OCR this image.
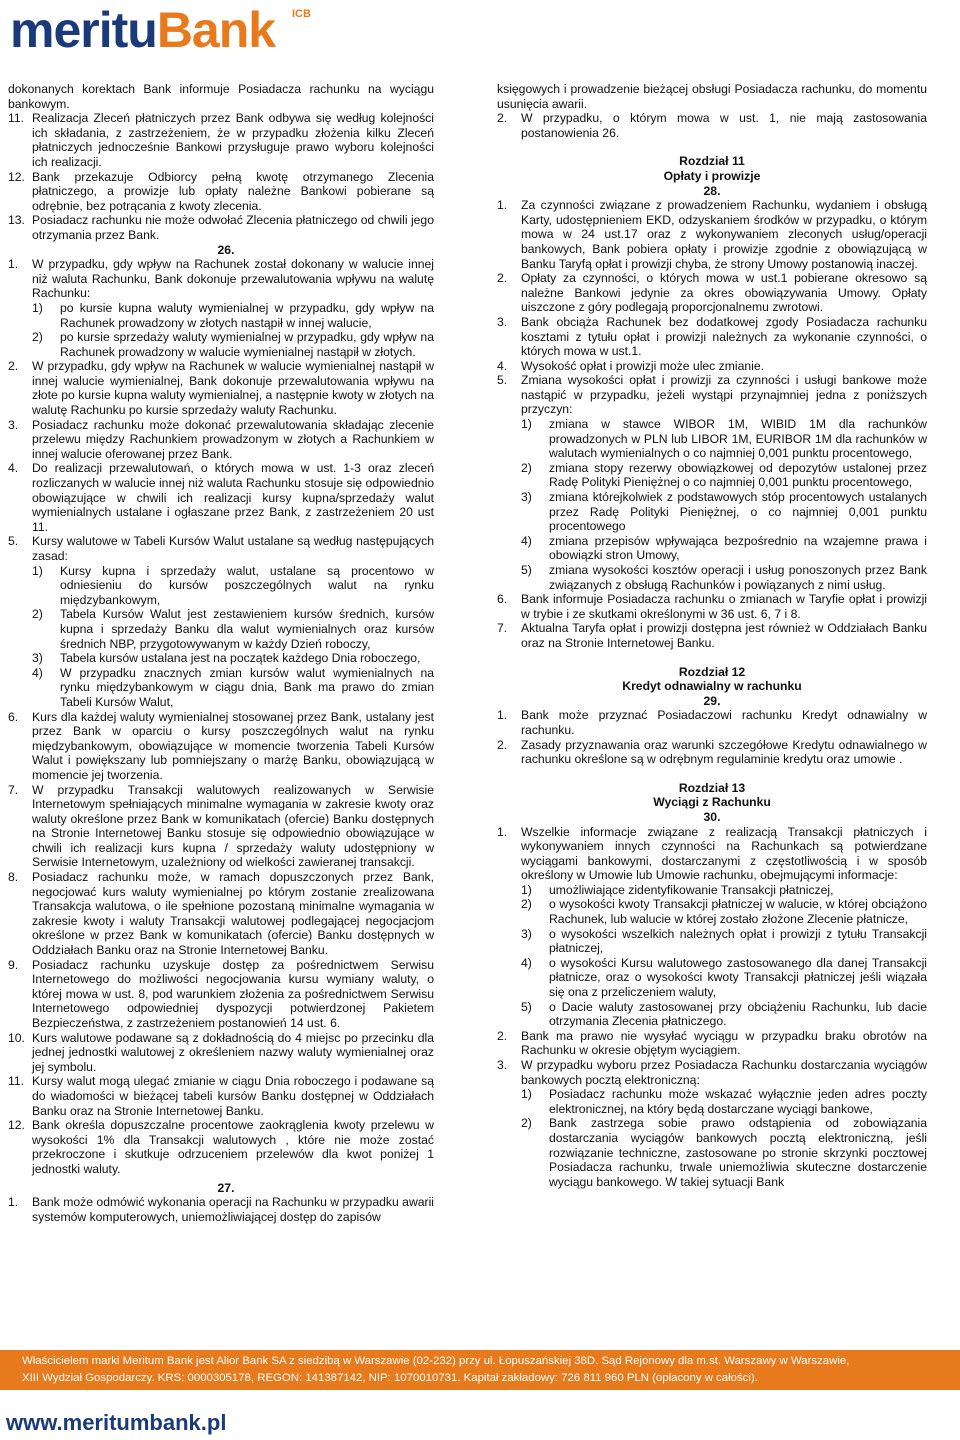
merituBank ICB
dokonanych korektach Bank informuje Posiadacza rachunku na wyciągu bankowym.
11. Realizacja Zleceń płatniczych przez Bank odbywa się według kolejności ich składania, z zastrzeżeniem, że w przypadku złożenia kilku Zleceń płatniczych jednocześnie Bankowi przysługuje prawo wyboru kolejności ich realizacji.
12. Bank przekazuje Odbiorcy pełną kwotę otrzymanego Zlecenia płatniczego, a prowizje lub opłaty należne Bankowi pobierane są odrębnie, bez potrącania z kwoty zlecenia.
13. Posiadacz rachunku nie może odwołać Zlecenia płatniczego od chwili jego otrzymania przez Bank.
26.
1. W przypadku, gdy wpływ na Rachunek został dokonany w walucie innej niż waluta Rachunku, Bank dokonuje przewalutowania wpływu na walutę Rachunku:
1) po kursie kupna waluty wymienialnej w przypadku, gdy wpływ na Rachunek prowadzony w złotych nastąpił w innej walucie,
2) po kursie sprzedaży waluty wymienialnej w przypadku, gdy wpływ na Rachunek prowadzony w walucie wymienialnej nastąpił w złotych.
2. W przypadku, gdy wpływ na Rachunek w walucie wymienialnej nastąpił w innej walucie wymienialnej, Bank dokonuje przewalutowania wpływu na złote po kursie kupna waluty wymienialnej, a następnie kwoty w złotych na walutę Rachunku po kursie sprzedaży waluty Rachunku.
3. Posiadacz rachunku może dokonać przewalutowania składając zlecenie przelewu między Rachunkiem prowadzonym w złotych a Rachunkiem w innej walucie oferowanej przez Bank.
4. Do realizacji przewalutowań, o których mowa w ust. 1-3 oraz zleceń rozliczanych w walucie innej niż waluta Rachunku stosuje się odpowiednio obowiązujące w chwili ich realizacji kursy kupna/sprzedaży walut wymienialnych ustalane i ogłaszane przez Bank, z zastrzeżeniem 20 ust 11.
5. Kursy walutowe w Tabeli Kursów Walut ustalane są według następujących zasad:
1) Kursy kupna i sprzedaży walut, ustalane są procentowo w odniesieniu do kursów poszczególnych walut na rynku międzybankowym,
2) Tabela Kursów Walut jest zestawieniem kursów średnich, kursów kupna i sprzedaży Banku dla walut wymienialnych oraz kursów średnich NBP, przygotowywanym w każdy Dzień roboczy,
3) Tabela kursów ustalana jest na początek każdego Dnia roboczego,
4) W przypadku znacznych zmian kursów walut wymienialnych na rynku międzybankowym w ciągu dnia, Bank ma prawo do zmian Tabeli Kursów Walut,
6. Kurs dla każdej waluty wymienialnej stosowanej przez Bank, ustalany jest przez Bank w oparciu o kursy poszczególnych walut na rynku międzybankowym, obowiązujące w momencie tworzenia Tabeli Kursów Walut i powiększany lub pomniejszany o marżę Banku, obowiązującą w momencie jej tworzenia.
7. W przypadku Transakcji walutowych realizowanych w Serwisie Internetowym spełniających minimalne wymagania w zakresie kwoty oraz waluty określone przez Bank w komunikatach (ofercie) Banku dostępnych na Stronie Internetowej Banku stosuje się odpowiednio obowiązujące w chwili ich realizacji kurs kupna / sprzedaży waluty udostępniony w Serwisie Internetowym, uzależniony od wielkości zawieranej transakcji.
8. Posiadacz rachunku może, w ramach dopuszczonych przez Bank, negocjować kurs waluty wymienialnej po którym zostanie zrealizowana Transakcja walutowa, o ile spełnione pozostaną minimalne wymagania w zakresie kwoty i waluty Transakcji walutowej podlegającej negocjacjom określone w przez Bank w komunikatach (ofercie) Banku dostępnych w Oddziałach Banku oraz na Stronie Internetowej Banku.
9. Posiadacz rachunku uzyskuje dostęp za pośrednictwem Serwisu Internetowego do możliwości negocjowania kursu wymiany waluty, o której mowa w ust. 8, pod warunkiem złożenia za pośrednictwem Serwisu Internetowego odpowiedniej dyspozycji potwierdzonej Pakietem Bezpieczeństwa, z zastrzeżeniem postanowień 14 ust. 6.
10. Kurs walutowe podawane są z dokładnością do 4 miejsc po przecinku dla jednej jednostki walutowej z określeniem nazwy waluty wymienialnej oraz jej symbolu.
11. Kursy walut mogą ulegać zmianie w ciągu Dnia roboczego i podawane są do wiadomości w bieżącej tabeli kursów Banku dostępnej w Oddziałach Banku oraz na Stronie Internetowej Banku.
12. Bank określa dopuszczalne procentowe zaokrąglenia kwoty przelewu w wysokości 1% dla Transakcji walutowych , które nie może zostać przekroczone i skutkuje odrzuceniem przelewów dla kwot poniżej 1 jednostki waluty.
27.
1. Bank może odmówić wykonania operacji na Rachunku w przypadku awarii systemów komputerowych, uniemożliwiającej dostęp do zapisów
księgowych i prowadzenie bieżącej obsługi Posiadacza rachunku, do momentu usunięcia awarii.
2. W przypadku, o którym mowa w ust. 1, nie mają zastosowania postanowienia 26.
Rozdział 11
Opłaty i prowizje
28.
1. Za czynności związane z prowadzeniem Rachunku, wydaniem i obsługą Karty, udostępnieniem EKD, odzyskaniem środków w przypadku, o którym mowa w 24 ust.17 oraz z wykonywaniem zleconych usług/operacji bankowych, Bank pobiera opłaty i prowizje zgodnie z obowiązującą w Banku Taryfą opłat i prowizji chyba, że strony Umowy postanowią inaczej.
2. Opłaty za czynności, o których mowa w ust.1 pobierane okresowo są należne Bankowi jedynie za okres obowiązywania Umowy. Opłaty uiszczone z góry podlegają proporcjonalnemu zwrotowi.
3. Bank obciąża Rachunek bez dodatkowej zgody Posiadacza rachunku kosztami z tytułu opłat i prowizji należnych za wykonanie czynności, o których mowa w ust.1.
4. Wysokość opłat i prowizji może ulec zmianie.
5. Zmiana wysokości opłat i prowizji za czynności i usługi bankowe może nastąpić w przypadku, jeżeli wystąpi przynajmniej jedna z poniższych przyczyn:
1) zmiana w stawce WIBOR 1M, WIBID 1M dla rachunków prowadzonych w PLN lub LIBOR 1M, EURIBOR 1M dla rachunków w walutach wymienialnych o co najmniej 0,001 punktu procentowego,
2) zmiana stopy rezerwy obowiązkowej od depozytów ustalonej przez Radę Polityki Pieniężnej o co najmniej 0,001 punktu procentowego,
3) zmiana którejkolwiek z podstawowych stóp procentowych ustalanych przez Radę Polityki Pieniężnej, o co najmniej 0,001 punktu procentowego
4) zmiana przepisów wpływająca bezpośrednio na wzajemne prawa i obowiązki stron Umowy,
5) zmiana wysokości kosztów operacji i usług ponoszonych przez Bank związanych z obsługą Rachunków i powiązanych z nimi usług.
6. Bank informuje Posiadacza rachunku o zmianach w Taryfie opłat i prowizji w trybie i ze skutkami określonymi w 36 ust. 6, 7 i 8.
7. Aktualna Taryfa opłat i prowizji dostępna jest również w Oddziałach Banku oraz na Stronie Internetowej Banku.
Rozdział 12
Kredyt odnawialny w rachunku
29.
1. Bank może przyznać Posiadaczowi rachunku Kredyt odnawialny w rachunku.
2. Zasady przyznawania oraz warunki szczegółowe Kredytu odnawialnego w rachunku określone są w odrębnym regulaminie kredytu oraz umowie .
Rozdział 13
Wyciągi z Rachunku
30.
1. Wszelkie informacje związane z realizacją Transakcji płatniczych i wykonywaniem innych czynności na Rachunkach są potwierdzane wyciągami bankowymi, dostarczanymi z częstotliwością i w sposób określony w Umowie lub Umowie rachunku, obejmującymi informacje:
1) umożliwiające zidentyfikowanie Transakcji płatniczej,
2) o wysokości kwoty Transakcji płatniczej w walucie, w której obciążono Rachunek, lub walucie w której zostało złożone Zlecenie płatnicze,
3) o wysokości wszelkich należnych opłat i prowizji z tytułu Transakcji płatniczej,
4) o wysokości Kursu walutowego zastosowanego dla danej Transakcji płatnicze, oraz o wysokości kwoty Transakcji płatniczej jeśli wiązała się ona z przeliczeniem waluty,
5) o Dacie waluty zastosowanej przy obciążeniu Rachunku, lub dacie otrzymania Zlecenia płatniczego.
2. Bank ma prawo nie wysyłać wyciągu w przypadku braku obrotów na Rachunku w okresie objętym wyciągiem.
3. W przypadku wyboru przez Posiadacza Rachunku dostarczania wyciągów bankowych pocztą elektroniczną:
1) Posiadacz rachunku może wskazać wyłącznie jeden adres poczty elektronicznej, na który będą dostarczane wyciągi bankowe,
2) Bank zastrzega sobie prawo odstąpienia od zobowiązania dostarczania wyciągów bankowych pocztą elektroniczną, jeśli rozwiązanie techniczne, zastosowane po stronie skrzynki pocztowej Posiadacza rachunku, trwale uniemożliwia skuteczne dostarczenie wyciągu bankowego. W takiej sytuacji Bank
Właścicielem marki Meritum Bank jest Alior Bank SA z siedzibą w Warszawie (02-232) przy ul. Łopuszańskiej 38D. Sąd Rejonowy dla m.st. Warszawy w Warszawie,
XIII Wydział Gospodarczy. KRS: 0000305178, REGON: 141387142, NIP: 1070010731. Kapitał zakładowy: 726 811 960 PLN (opłacony w całości).
www.meritumbank.pl
